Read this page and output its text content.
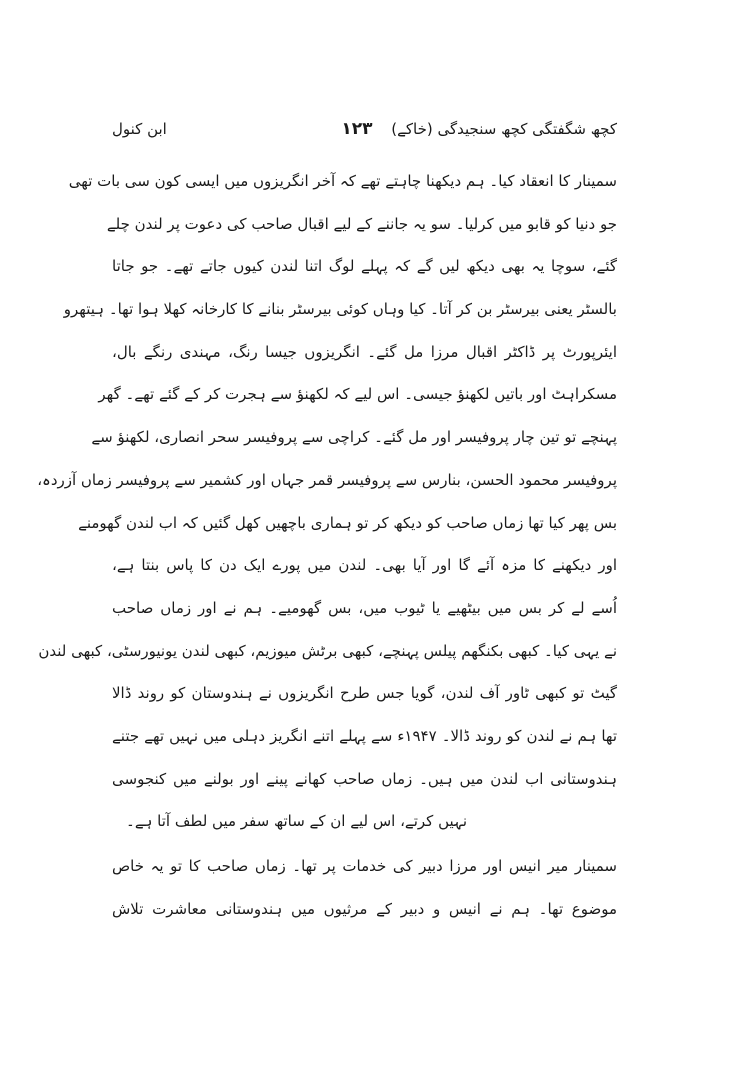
کچھ شگفتگی کچھ سنجیدگی (خاکے)
۱۲۳
ابن کنول
سمینار کا انعقاد کیا۔ ہم دیکھنا چاہتے تھے کہ آخر انگریزوں میں ایسی کون سی بات تھی
جو دنیا کو قابو میں کرلیا۔ سو یہ جاننے کے لیے اقبال صاحب کی دعوت پر لندن چلے
گئے، سوچا یہ بھی دیکھ لیں گے کہ پہلے لوگ اتنا لندن کیوں جاتے تھے۔ جو جاتا
بالسٹر یعنی بیرسٹر بن کر آتا۔ کیا وہاں کوئی بیرسٹر بنانے کا کارخانہ کھلا ہوا تھا۔ ہیتھرو
ایئرپورٹ پر ڈاکٹر اقبال مرزا مل گئے۔ انگریزوں جیسا رنگ، مہندی رنگے بال،
مسکراہٹ اور باتیں لکھنؤ جیسی۔ اس لیے کہ لکھنؤ سے ہجرت کر کے گئے تھے۔ گھر
پہنچے تو تین چار پروفیسر اور مل گئے۔ کراچی سے پروفیسر سحر انصاری، لکھنؤ سے
پروفیسر محمود الحسن، بنارس سے پروفیسر قمر جہاں اور کشمیر سے پروفیسر زماں آزردہ،
بس پھر کیا تھا زماں صاحب کو دیکھ کر تو ہماری باچھیں کھل گئیں کہ اب لندن گھومنے
اور دیکھنے کا مزہ آئے گا اور آیا بھی۔ لندن میں پورے ایک دن کا پاس بنتا ہے،
اُسے لے کر بس میں بیٹھیے یا ٹیوب میں، بس گھومیے۔ ہم نے اور زماں صاحب
نے یہی کیا۔ کبھی بکنگھم پیلس پہنچے، کبھی برٹش میوزیم، کبھی لندن یونیورسٹی، کبھی لندن
گیٹ تو کبھی ٹاور آف لندن، گویا جس طرح انگریزوں نے ہندوستان کو روند ڈالا
تھا ہم نے لندن کو روند ڈالا۔ ۱۹۴۷ء سے پہلے اتنے انگریز دہلی میں نہیں تھے جتنے
ہندوستانی اب لندن میں ہیں۔ زماں صاحب کھانے پینے اور بولنے میں کنجوسی
نہیں کرتے، اس لیے ان کے ساتھ سفر میں لطف آتا ہے۔
سمینار میر انیس اور مرزا دبیر کی خدمات پر تھا۔ زماں صاحب کا تو یہ خاص
موضوع تھا۔ ہم نے انیس و دبیر کے مرثیوں میں ہندوستانی معاشرت تلاش
